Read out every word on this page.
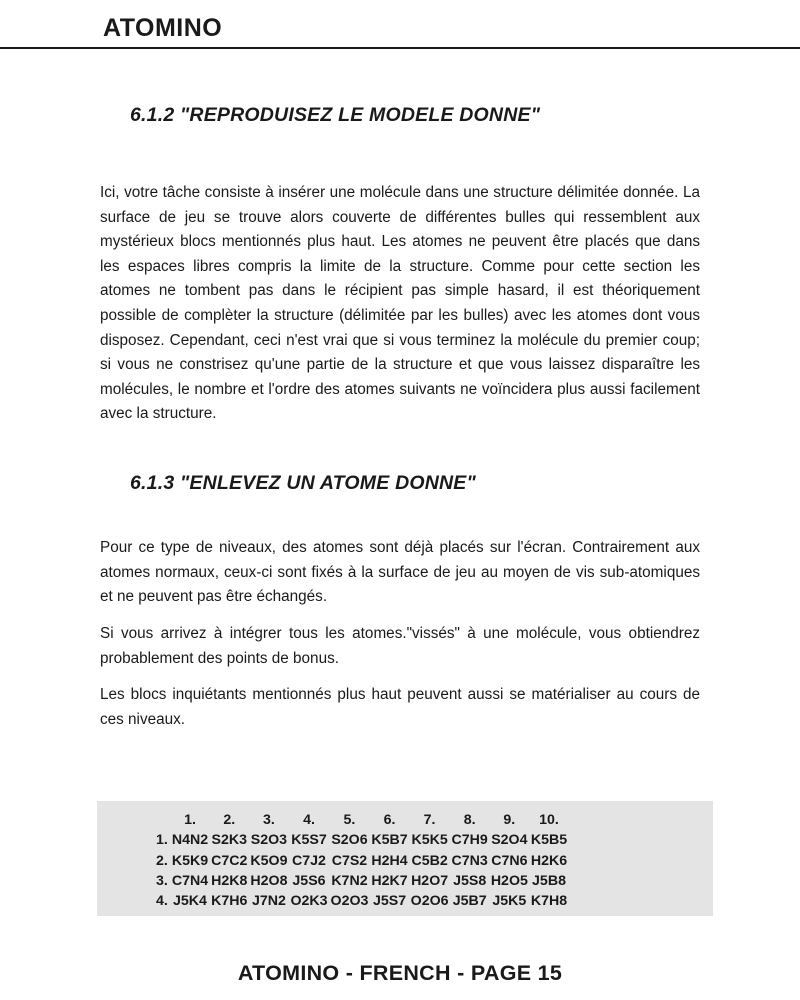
ATOMINO
6.1.2 "REPRODUISEZ LE MODELE DONNE"

Ici, votre tâche consiste à insérer une molécule dans une structure délimitée donnée. La surface de jeu se trouve alors couverte de différentes bulles qui ressemblent aux mystérieux blocs mentionnés plus haut. Les atomes ne peuvent être placés que dans les espaces libres compris la limite de la structure. Comme pour cette section les atomes ne tombent pas dans le récipient pas simple hasard, il est théoriquement possible de complèter la structure (délimitée par les bulles) avec les atomes dont vous disposez. Cependant, ceci n'est vrai que si vous terminez la molécule du premier coup; si vous ne constrisez qu'une partie de la structure et que vous laissez disparaître les molécules, le nombre et l'ordre des atomes suivants ne voïncidera plus aussi facilement avec la structure.

6.1.3 "ENLEVEZ UN ATOME DONNE"

Pour ce type de niveaux, des atomes sont déjà placés sur l'écran. Contrairement aux atomes normaux, ceux-ci sont fixés à la surface de jeu au moyen de vis sub-atomiques et ne peuvent pas être échangés.

Si vous arrivez à intégrer tous les atomes."vissés" à une molécule, vous obtiendrez probablement des points de bonus.

Les blocs inquiétants mentionnés plus haut peuvent aussi se matérialiser au cours de ces niveaux.

	1.	2.	3.	4.	5.	6.	7.	8.	9.	10.
1.	N4N2	S2K3	S2O3	K5S7	S2O6	K5B7	K5K5	C7H9	S2O4	K5B5
2.	K5K9	C7C2	K5O9	C7J2	C7S2	H2H4	C5B2	C7N3	C7N6	H2K6
3.	C7N4	H2K8	H2O8	J5S6	K7N2	H2K7	H2O7	J5S8	H2O5	J5B8
4.	J5K4	K7H6	J7N2	O2K3	O2O3	J5S7	O2O6	J5B7	J5K5	K7H8
ATOMINO - FRENCH - PAGE 15
